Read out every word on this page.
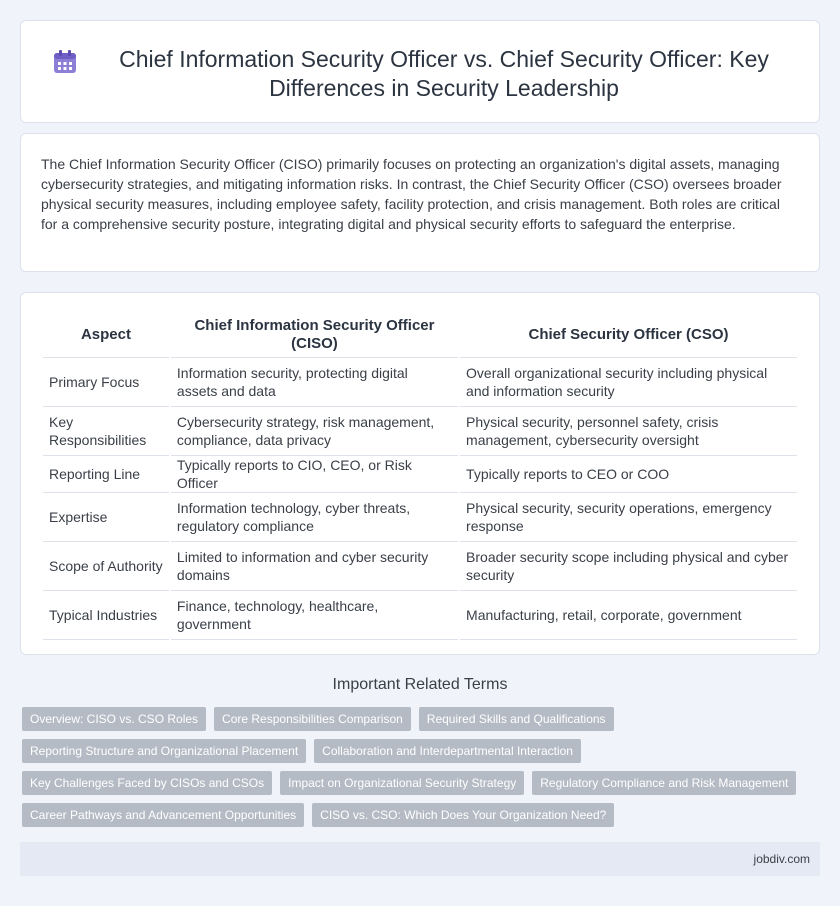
Chief Information Security Officer vs. Chief Security Officer: Key Differences in Security Leadership

The Chief Information Security Officer (CISO) primarily focuses on protecting an organization's digital assets, managing cybersecurity strategies, and mitigating information risks. In contrast, the Chief Security Officer (CSO) oversees broader physical security measures, including employee safety, facility protection, and crisis management. Both roles are critical for a comprehensive security posture, integrating digital and physical security efforts to safeguard the enterprise.

Aspect	Chief Information Security Officer (CISO)	Chief Security Officer (CSO)
Primary Focus	Information security, protecting digital assets and data	Overall organizational security including physical and information security
Key Responsibilities	Cybersecurity strategy, risk management, compliance, data privacy	Physical security, personnel safety, crisis management, cybersecurity oversight
Reporting Line	Typically reports to CIO, CEO, or Risk Officer	Typically reports to CEO or COO
Expertise	Information technology, cyber threats, regulatory compliance	Physical security, security operations, emergency response
Scope of Authority	Limited to information and cyber security domains	Broader security scope including physical and cyber security
Typical Industries	Finance, technology, healthcare, government	Manufacturing, retail, corporate, government
Important Related Terms
Overview: CISO vs. CSO Roles	Core Responsibilities Comparison	Required Skills and Qualifications
Reporting Structure and Organizational Placement	Collaboration and Interdepartmental Interaction
Key Challenges Faced by CISOs and CSOs	Impact on Organizational Security Strategy	Regulatory Compliance and Risk Management
Career Pathways and Advancement Opportunities	CISO vs. CSO: Which Does Your Organization Need?
jobdiv.com
